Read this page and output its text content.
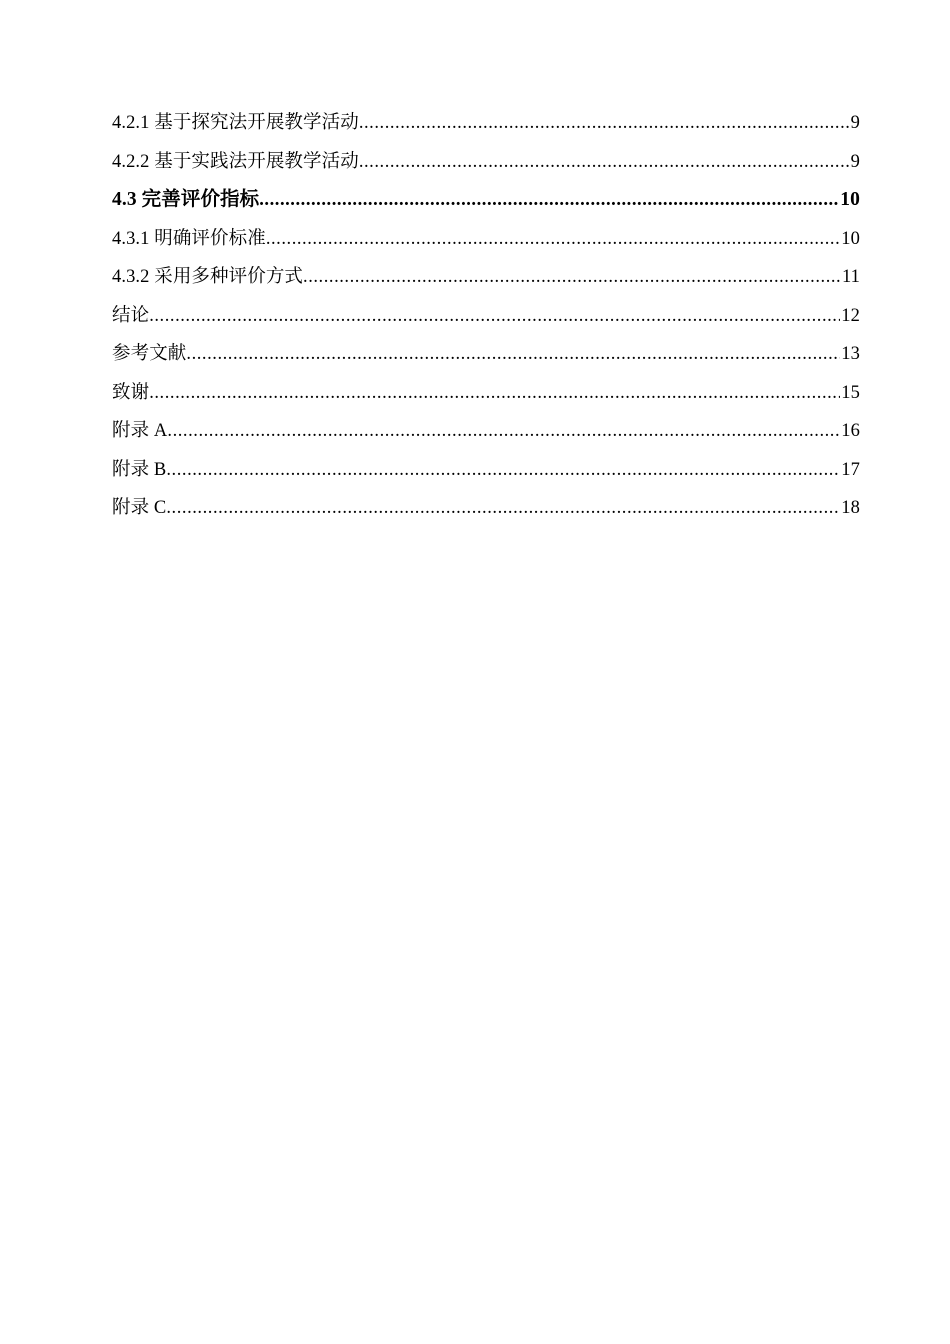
4.2.1 基于探究法开展教学活动 .....	9
4.2.2 基于实践法开展教学活动 .....	9
4.3 完善评价指标 .....	10
4.3.1 明确评价标准 .....	10
4.3.2 采用多种评价方式 .....	11
结论 .....	12
参考文献 .....	13
致谢 .....	15
附录 A .....	16
附录 B .....	17
附录 C .....	18
